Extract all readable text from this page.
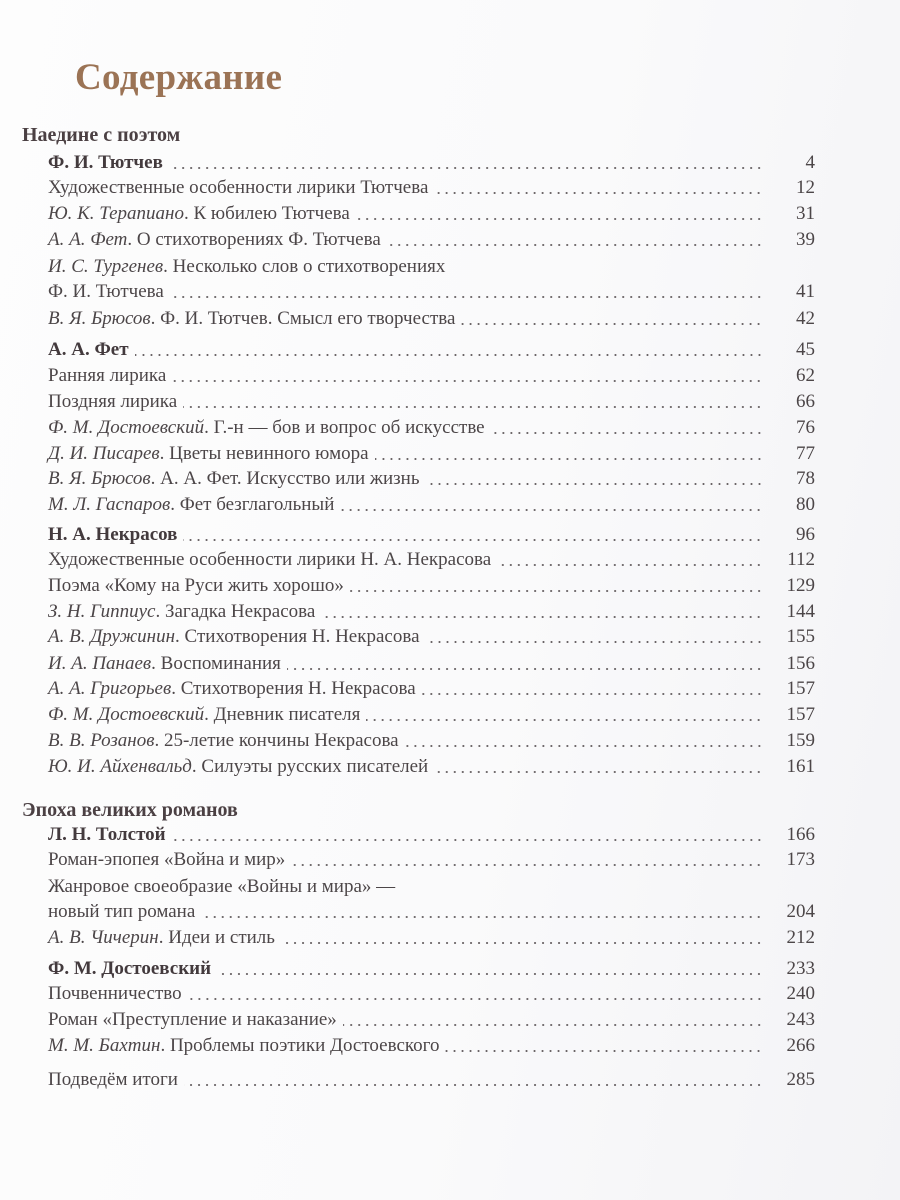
Содержание
Наедине с поэтом
Ф. И. Тютчев	4
Художественные особенности лирики Тютчева	12
Ю. К. Терапиано. К юбилею Тютчева	31
А. А. Фет. О стихотворениях Ф. Тютчева	39
И. С. Тургенев. Несколько слов о стихотворениях
Ф. И. Тютчева	41
В. Я. Брюсов. Ф. И. Тютчев. Смысл его творчества	42
А. А. Фет	45
Ранняя лирика	62
Поздняя лирика	66
Ф. М. Достоевский. Г.-н — бов и вопрос об искусстве	76
Д. И. Писарев. Цветы невинного юмора	77
В. Я. Брюсов. А. А. Фет. Искусство или жизнь	78
М. Л. Гаспаров. Фет безглагольный	80
Н. А. Некрасов	96
Художественные особенности лирики Н. А. Некрасова	112
Поэма «Кому на Руси жить хорошо»	129
З. Н. Гиппиус. Загадка Некрасова	144
А. В. Дружинин. Стихотворения Н. Некрасова	155
И. А. Панаев. Воспоминания	156
А. А. Григорьев. Стихотворения Н. Некрасова	157
Ф. М. Достоевский. Дневник писателя	157
В. В. Розанов. 25-летие кончины Некрасова	159
Ю. И. Айхенвальд. Силуэты русских писателей	161
Эпоха великих романов
Л. Н. Толстой	166
Роман-эпопея «Война и мир»	173
Жанровое своеобразие «Войны и мира» —
новый тип романа	204
А. В. Чичерин. Идеи и стиль	212
Ф. М. Достоевский	233
Почвенничество	240
Роман «Преступление и наказание»	243
М. М. Бахтин. Проблемы поэтики Достоевского	266
Подведём итоги	285
